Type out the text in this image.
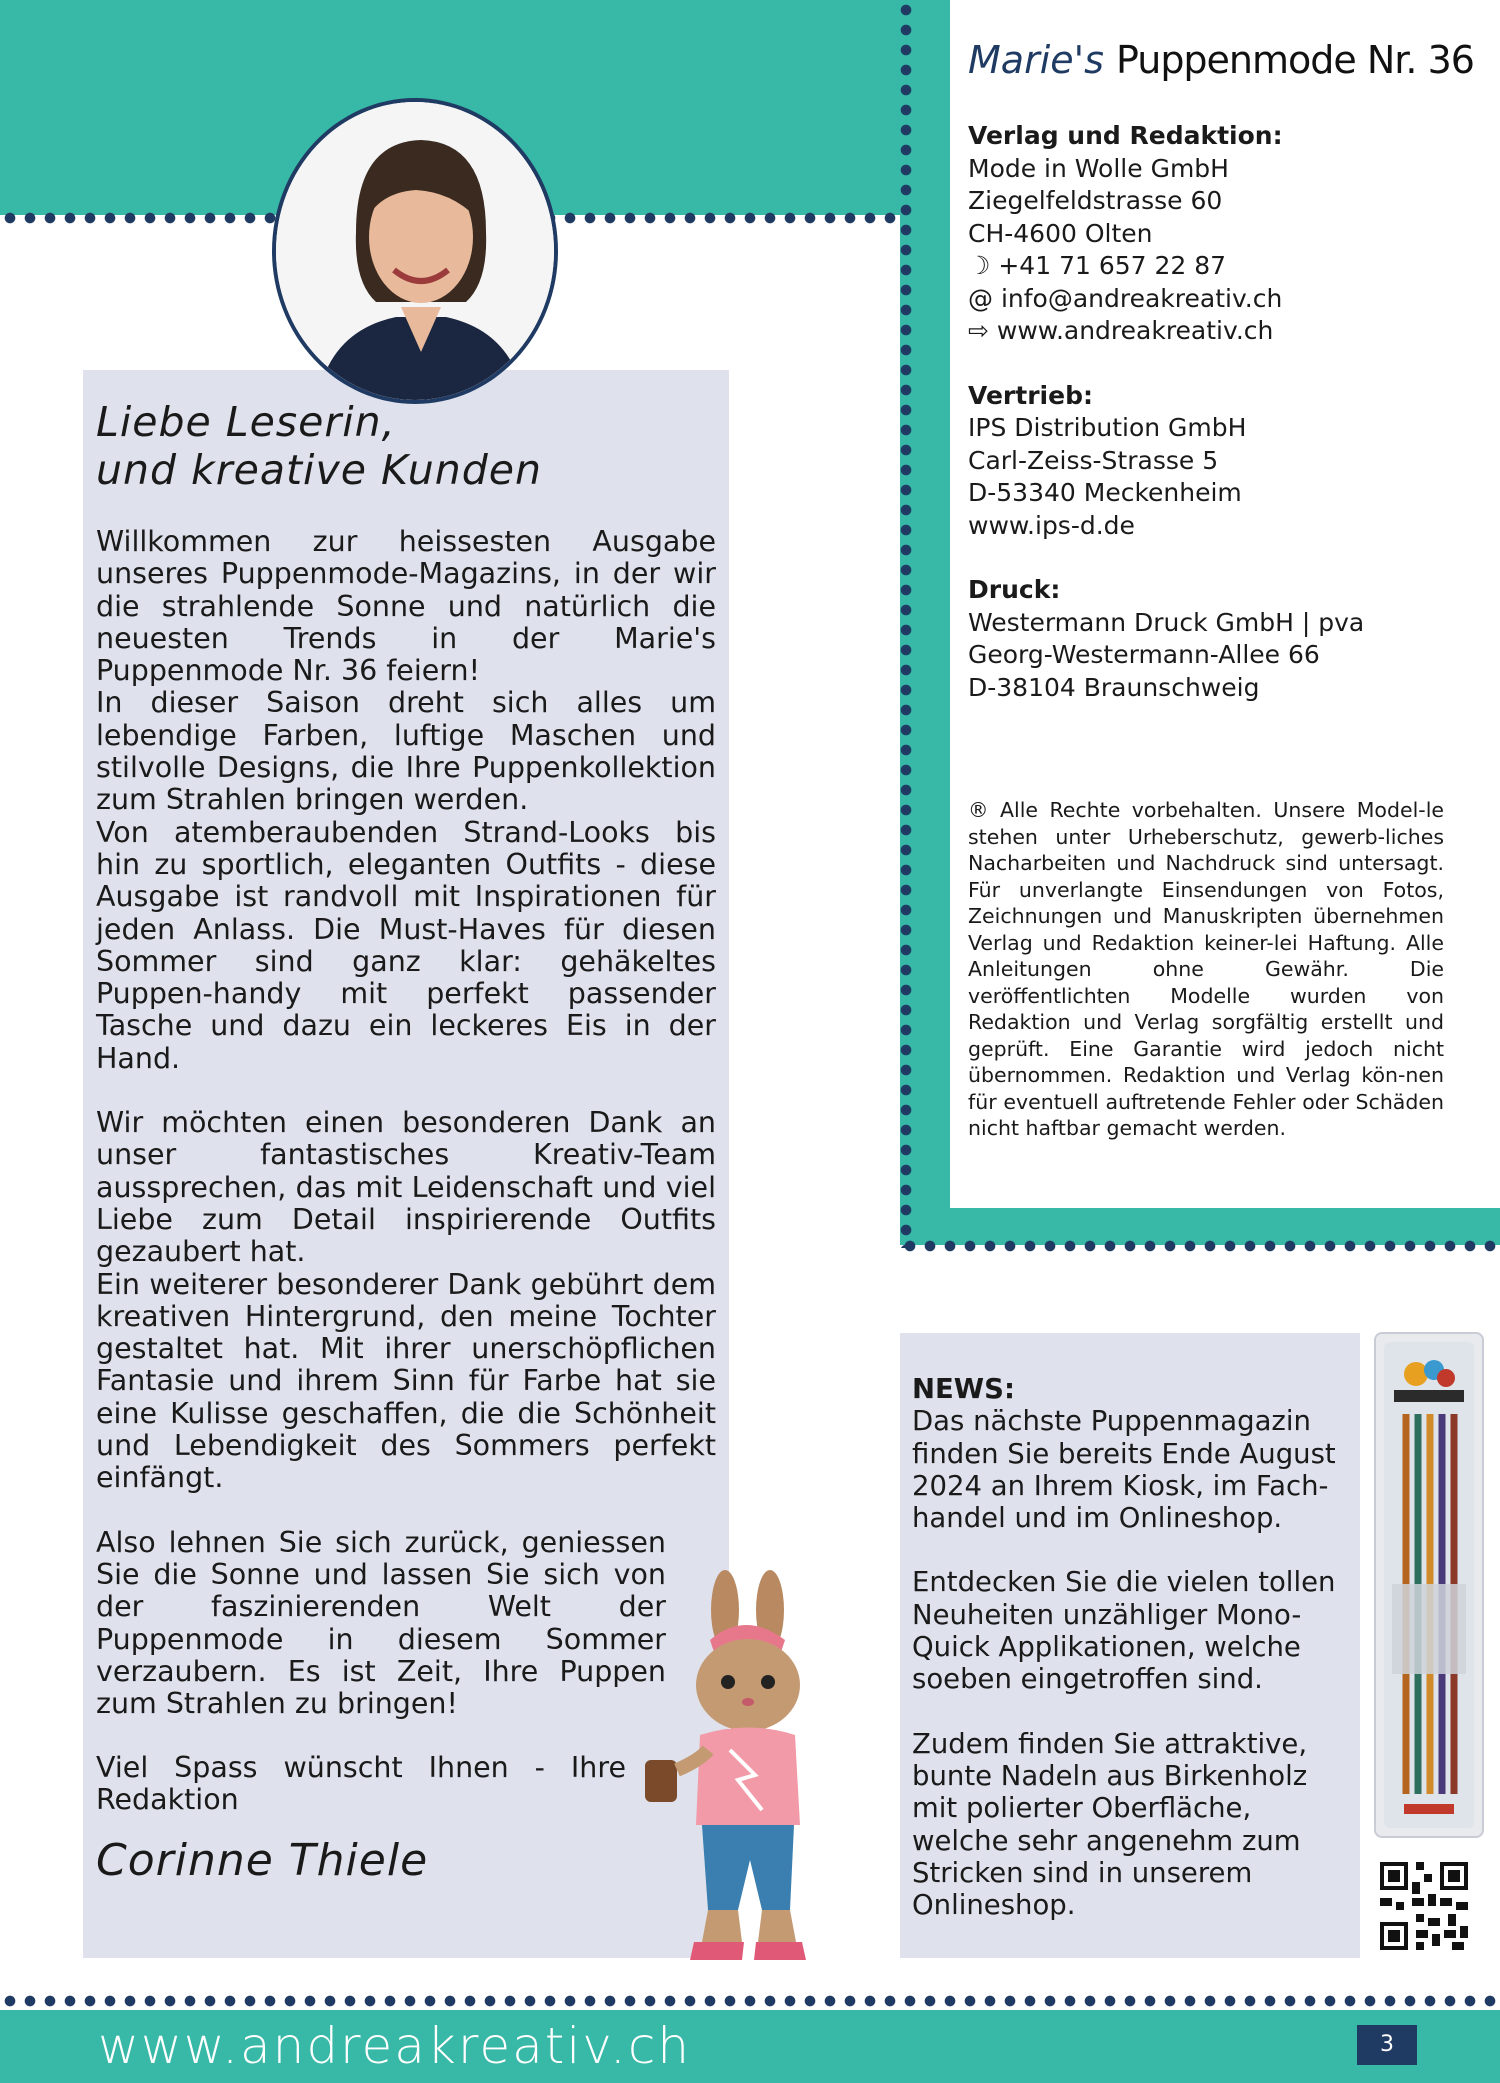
Liebe Leserin,
und kreative Kunden

Willkommen zur heissesten Ausgabe unseres Puppenmode-Magazins, in der wir die strahlende Sonne und natürlich die neuesten Trends in der Marie's Puppenmode Nr. 36 feiern!
In dieser Saison dreht sich alles um lebendige Farben, luftige Maschen und stilvolle Designs, die Ihre Puppenkollektion zum Strahlen bringen werden.
Von atemberaubenden Strand-Looks bis hin zu sportlich, eleganten Outfits - diese Ausgabe ist randvoll mit Inspirationen für jeden Anlass. Die Must-Haves für diesen Sommer sind ganz klar: gehäkeltes Puppen-handy mit perfekt passender Tasche und dazu ein leckeres Eis in der Hand.

Wir möchten einen besonderen Dank an unser fantastisches Kreativ-Team aussprechen, das mit Leidenschaft und viel Liebe zum Detail inspirierende Outfits gezaubert hat.
Ein weiterer besonderer Dank gebührt dem kreativen Hintergrund, den meine Tochter gestaltet hat. Mit ihrer unerschöpflichen Fantasie und ihrem Sinn für Farbe hat sie eine Kulisse geschaffen, die die Schönheit und Lebendigkeit des Sommers perfekt einfängt.

Also lehnen Sie sich zurück, geniessen Sie die Sonne und lassen Sie sich von der faszinierenden Welt der Puppenmode in diesem Sommer verzaubern. Es ist Zeit, Ihre Puppen zum Strahlen zu bringen!

Viel Spass wünscht Ihnen - Ihre Redaktion
Corinne Thiele
Marie's Puppenmode Nr. 36
Verlag und Redaktion:
Mode in Wolle GmbH
Ziegelfeldstrasse 60
CH-4600 Olten
☽ +41 71 657 22 87
@ info@andreakreativ.ch
⇨ www.andreakreativ.ch
Vertrieb:
IPS Distribution GmbH
Carl-Zeiss-Strasse 5
D-53340 Meckenheim
www.ips-d.de
Druck:
Westermann Druck GmbH | pva
Georg-Westermann-Allee 66
D-38104 Braunschweig
® Alle Rechte vorbehalten. Unsere Model-le stehen unter Urheberschutz, gewerb-liches Nacharbeiten und Nachdruck sind untersagt. Für unverlangte Einsendungen von Fotos, Zeichnungen und Manuskripten übernehmen Verlag und Redaktion keiner-lei Haftung. Alle Anleitungen ohne Gewähr. Die veröffentlichten Modelle wurden von Redaktion und Verlag sorgfältig erstellt und geprüft. Eine Garantie wird jedoch nicht übernommen. Redaktion und Verlag kön-nen für eventuell auftretende Fehler oder Schäden nicht haftbar gemacht werden.
NEWS:

Das nächste Puppenmagazin finden Sie bereits Ende August 2024 an Ihrem Kiosk, im Fach-handel und im Onlineshop.

Entdecken Sie die vielen tollen Neuheiten unzähliger Mono-Quick Applikationen, welche soeben eingetroffen sind.

Zudem finden Sie attraktive, bunte Nadeln aus Birkenholz mit polierter Oberfläche, welche sehr angenehm zum Stricken sind in unserem Onlineshop.

www.andreakreativ.ch	3
